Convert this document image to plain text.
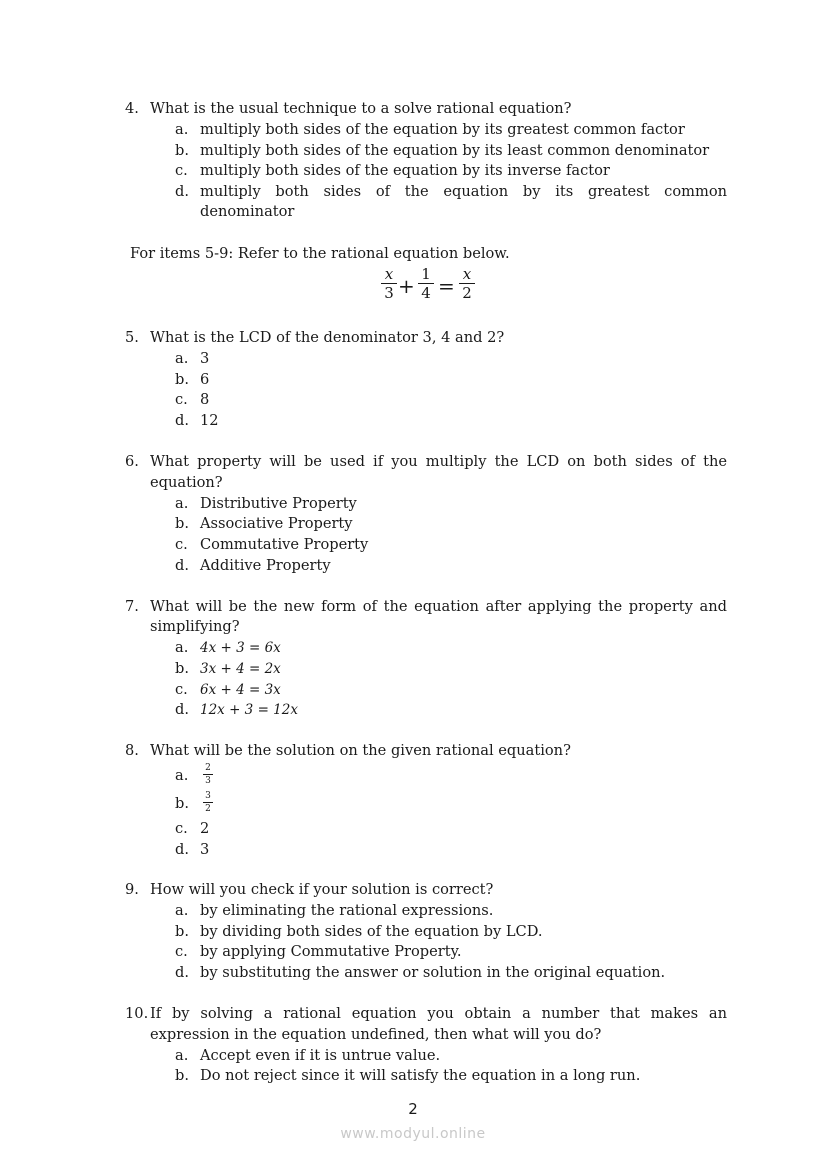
4. What is the usual technique to a solve rational equation?
a. multiply both sides of the equation by its greatest common factor
b. multiply both sides of the equation by its least common denominator
c. multiply both sides of the equation by its inverse factor
d. multiply both sides of the equation by its greatest common
denominator
For items 5-9: Refer to the rational equation below.
x
3 + 1
4 = x
2
5. What is the LCD of the denominator 3, 4 and 2?
a. 3
b. 6
c. 8
d. 12
6. What property will be used if you multiply the LCD on both sides of the
equation?
a. Distributive Property
b. Associative Property
c. Commutative Property
d. Additive Property
7. What will be the new form of the equation after applying the property and
simplifying?
a. 4x + 3 = 6x
b. 3x + 4 = 2x
c. 6x + 4 = 3x
d. 12x + 3 = 12x
8. What will be the solution on the given rational equation?
a.	2
3
b.	3
2
c. 2
d. 3
9. How will you check if your solution is correct?
a. by eliminating the rational expressions.
b. by dividing both sides of the equation by LCD.
c. by applying Commutative Property.
d. by substituting the answer or solution in the original equation.
10. If by solving a rational equation you obtain a number that makes an
expression in the equation undefined, then what will you do?
a. Accept even if it is untrue value.
b. Do not reject since it will satisfy the equation in a long run.
2
www.modyul.online
